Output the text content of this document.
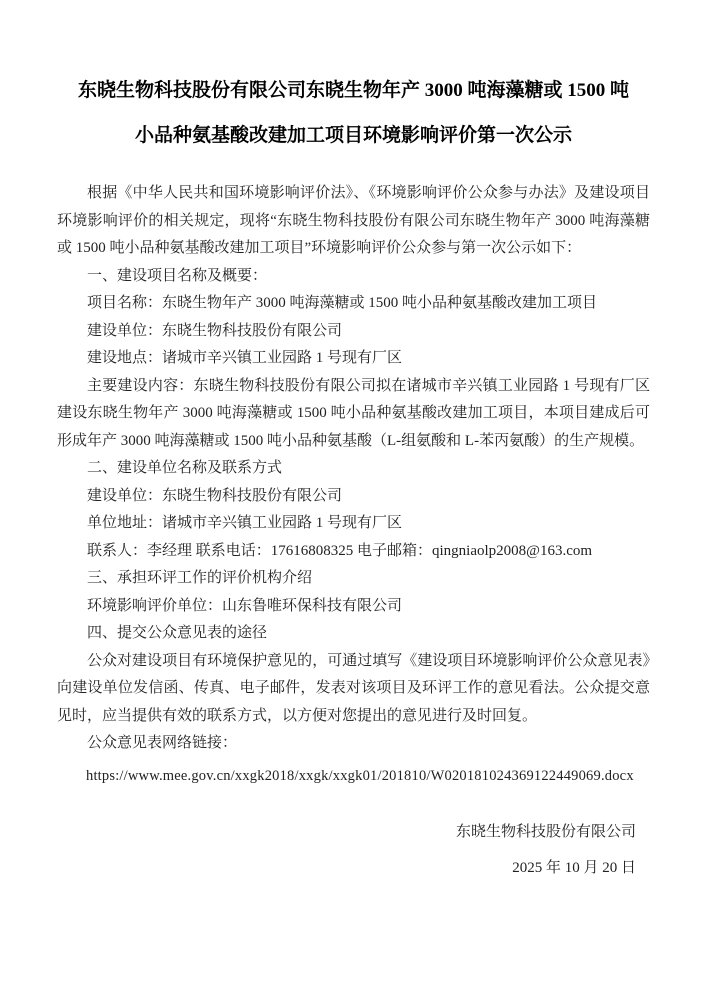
东晓生物科技股份有限公司东晓生物年产 3000 吨海藻糖或 1500 吨
小品种氨基酸改建加工项目环境影响评价第一次公示

根据《中华人民共和国环境影响评价法》、《环境影响评价公众参与办法》及建设项目环境影响评价的相关规定，现将“东晓生物科技股份有限公司东晓生物年产 3000 吨海藻糖或 1500 吨小品种氨基酸改建加工项目”环境影响评价公众参与第一次公示如下：

一、建设项目名称及概要：

项目名称：东晓生物年产 3000 吨海藻糖或 1500 吨小品种氨基酸改建加工项目

建设单位：东晓生物科技股份有限公司

建设地点：诸城市辛兴镇工业园路 1 号现有厂区

主要建设内容：东晓生物科技股份有限公司拟在诸城市辛兴镇工业园路 1 号现有厂区建设东晓生物年产 3000 吨海藻糖或 1500 吨小品种氨基酸改建加工项目，本项目建成后可形成年产 3000 吨海藻糖或 1500 吨小品种氨基酸（L-组氨酸和 L-苯丙氨酸）的生产规模。

二、建设单位名称及联系方式

建设单位：东晓生物科技股份有限公司

单位地址：诸城市辛兴镇工业园路 1 号现有厂区

联系人：李经理 联系电话：17616808325 电子邮箱：qingniaolp2008@163.com

三、承担环评工作的评价机构介绍

环境影响评价单位：山东鲁唯环保科技有限公司

四、提交公众意见表的途径

公众对建设项目有环境保护意见的，可通过填写《建设项目环境影响评价公众意见表》向建设单位发信函、传真、电子邮件，发表对该项目及环评工作的意见看法。公众提交意见时，应当提供有效的联系方式，以方便对您提出的意见进行及时回复。

公众意见表网络链接：

https://www.mee.gov.cn/xxgk2018/xxgk/xxgk01/201810/W020181024369122449069.docx

东晓生物科技股份有限公司

2025 年 10 月 20 日
